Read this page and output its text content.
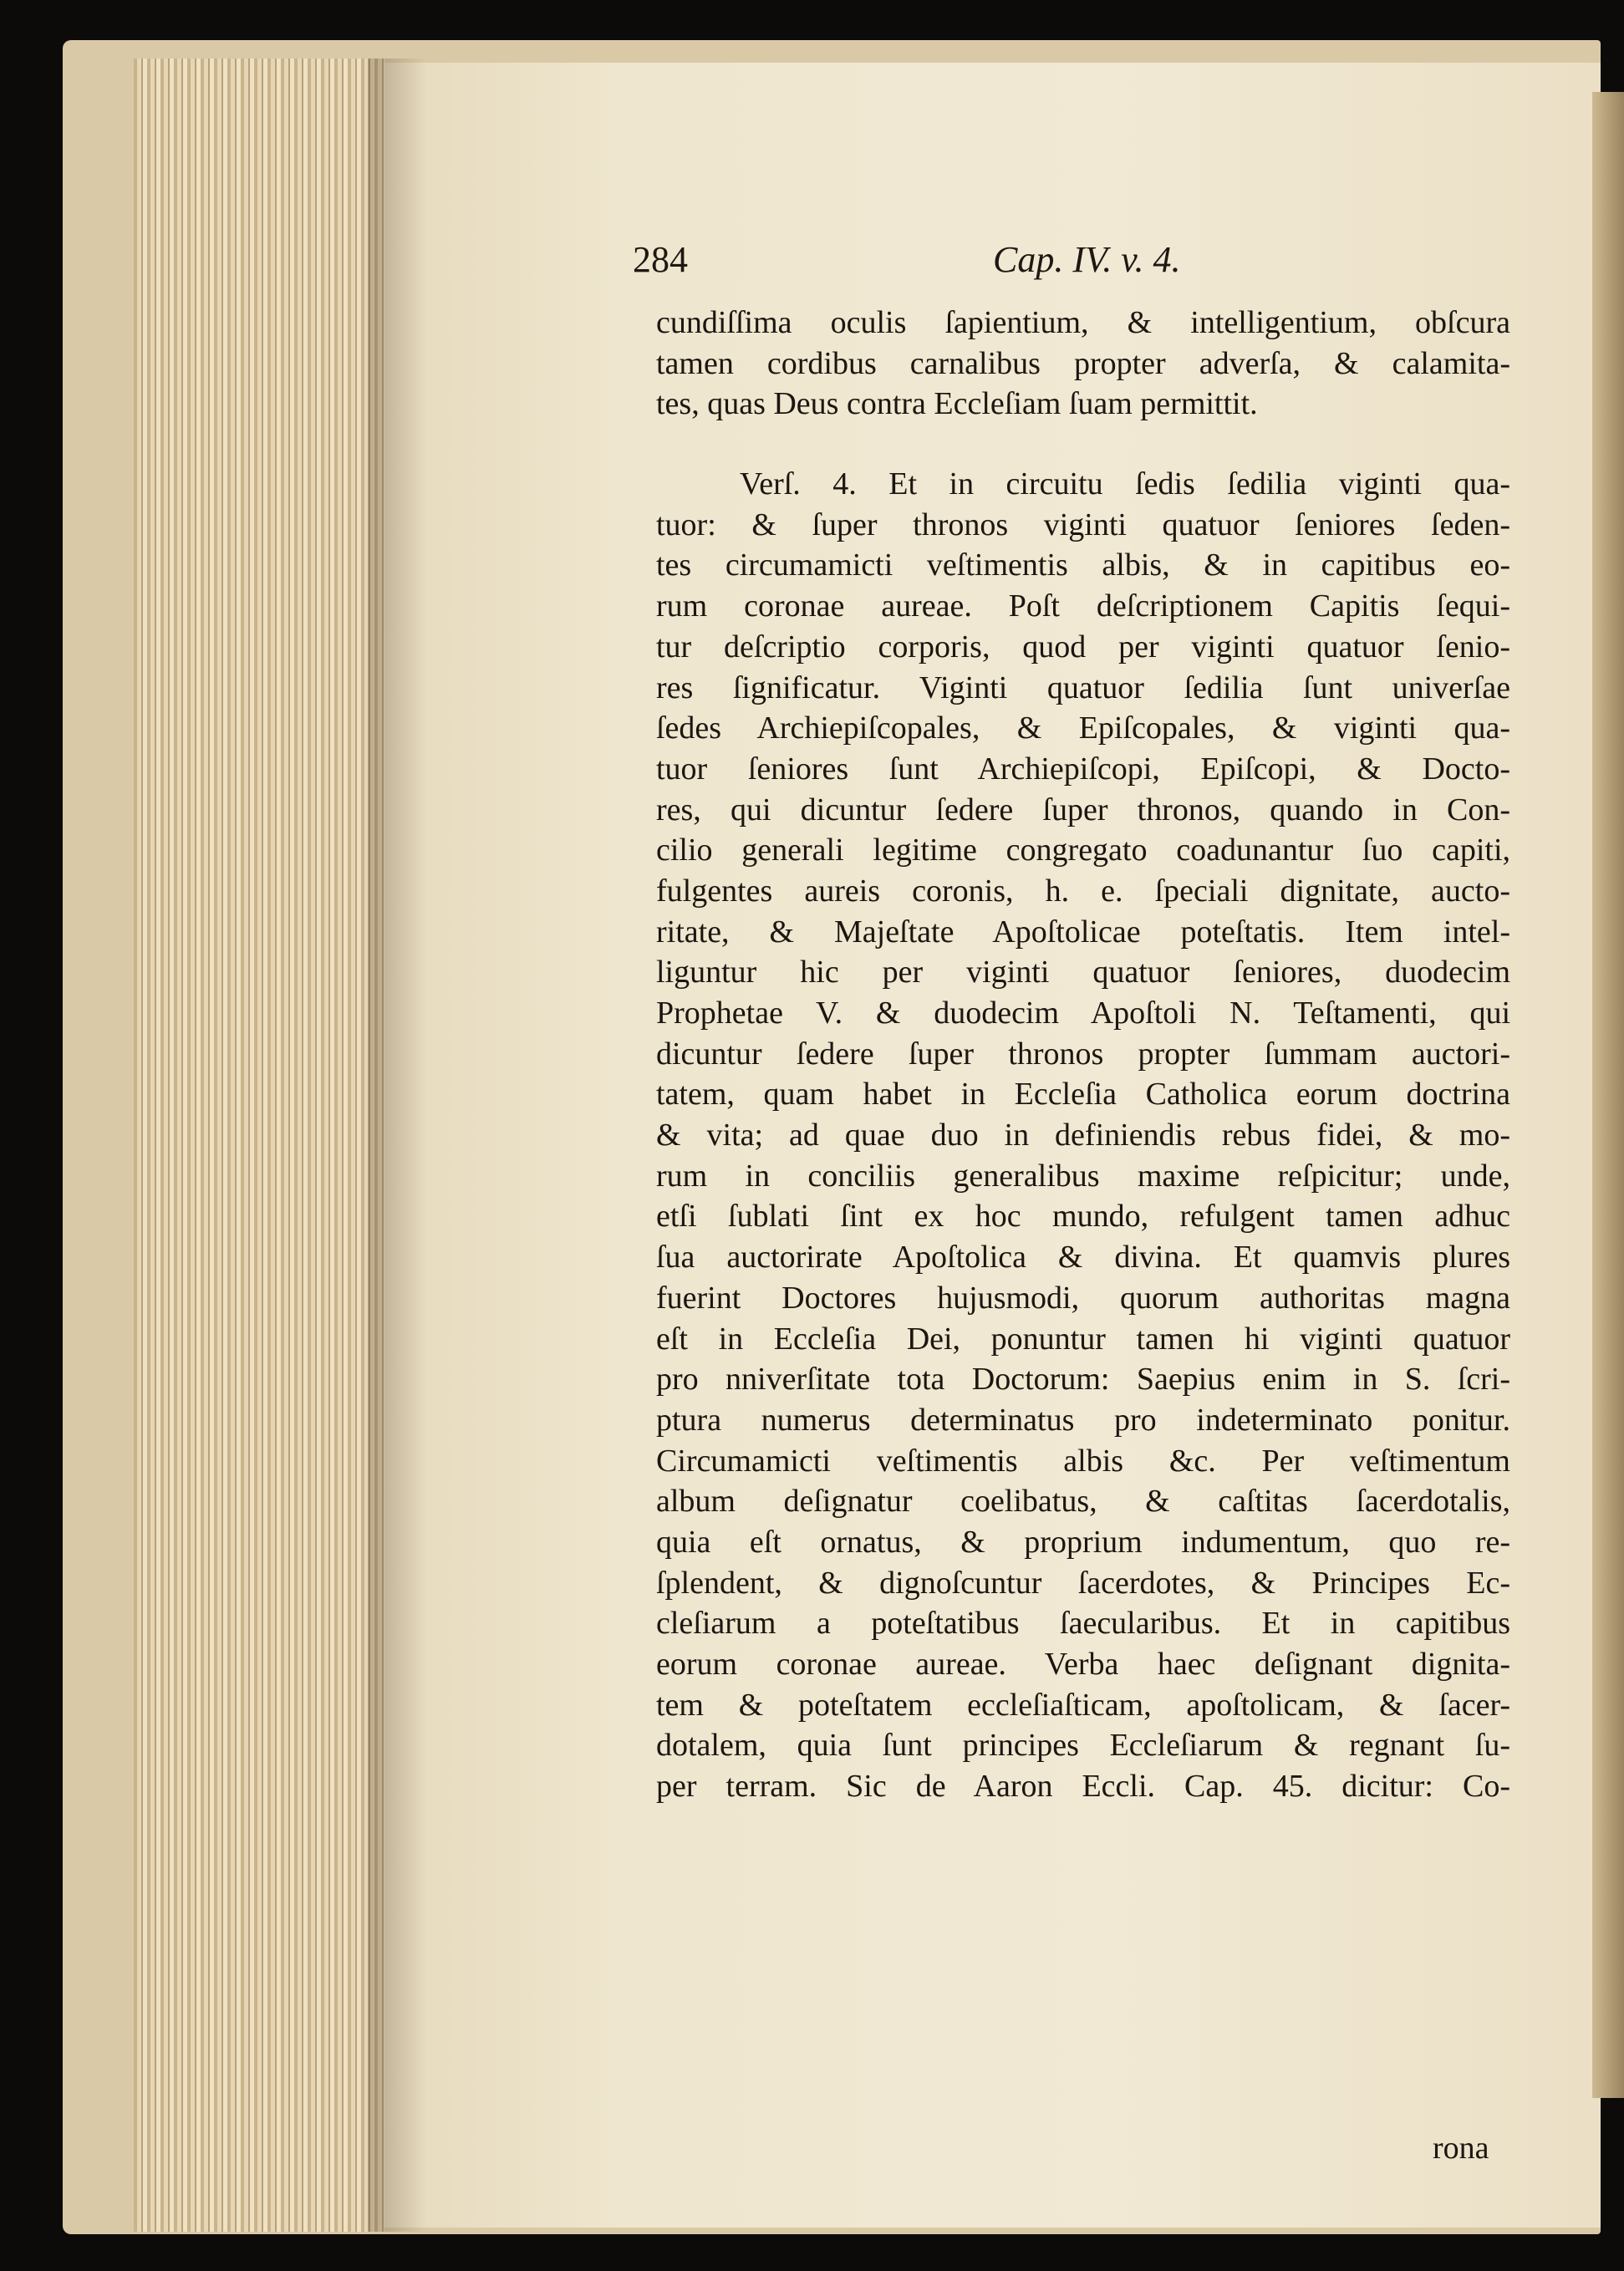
284	Cap. IV. v. 4.
cundiſſima oculis ſapientium, & intelligentium, obſcura
tamen cordibus carnalibus propter adverſa, & calamita-
tes, quas Deus contra Eccleſiam ſuam permittit.
Verſ. 4. Et in circuitu ſedis ſedilia viginti qua-
tuor: & ſuper thronos viginti quatuor ſeniores ſeden-
tes circumamicti veſtimentis albis, & in capitibus eo-
rum coronae aureae. Poſt deſcriptionem Capitis ſequi-
tur deſcriptio corporis, quod per viginti quatuor ſenio-
res ſignificatur. Viginti quatuor ſedilia ſunt univerſae
ſedes Archiepiſcopales, & Epiſcopales, & viginti qua-
tuor ſeniores ſunt Archiepiſcopi, Epiſcopi, & Docto-
res, qui dicuntur ſedere ſuper thronos, quando in Con-
cilio generali legitime congregato coadunantur ſuo capiti,
fulgentes aureis coronis, h. e. ſpeciali dignitate, aucto-
ritate, & Majeſtate Apoſtolicae poteſtatis. Item intel-
liguntur hic per viginti quatuor ſeniores, duodecim
Prophetae V. & duodecim Apoſtoli N. Teſtamenti, qui
dicuntur ſedere ſuper thronos propter ſummam auctori-
tatem, quam habet in Eccleſia Catholica eorum doctrina
& vita; ad quae duo in definiendis rebus fidei, & mo-
rum in conciliis generalibus maxime reſpicitur; unde,
etſi ſublati ſint ex hoc mundo, refulgent tamen adhuc
ſua auctorirate Apoſtolica & divina. Et quamvis plures
fuerint Doctores hujusmodi, quorum authoritas magna
eſt in Eccleſia Dei, ponuntur tamen hi viginti quatuor
pro nniverſitate tota Doctorum: Saepius enim in S. ſcri-
ptura numerus determinatus pro indeterminato ponitur.
Circumamicti veſtimentis albis &c. Per veſtimentum
album deſignatur coelibatus, & caſtitas ſacerdotalis,
quia eſt ornatus, & proprium indumentum, quo re-
ſplendent, & dignoſcuntur ſacerdotes, & Principes Ec-
cleſiarum a poteſtatibus ſaecularibus. Et in capitibus
eorum coronae aureae. Verba haec deſignant dignita-
tem & poteſtatem eccleſiaſticam, apoſtolicam, & ſacer-
dotalem, quia ſunt principes Eccleſiarum & regnant ſu-
per terram. Sic de Aaron Eccli. Cap. 45. dicitur: Co-
rona
